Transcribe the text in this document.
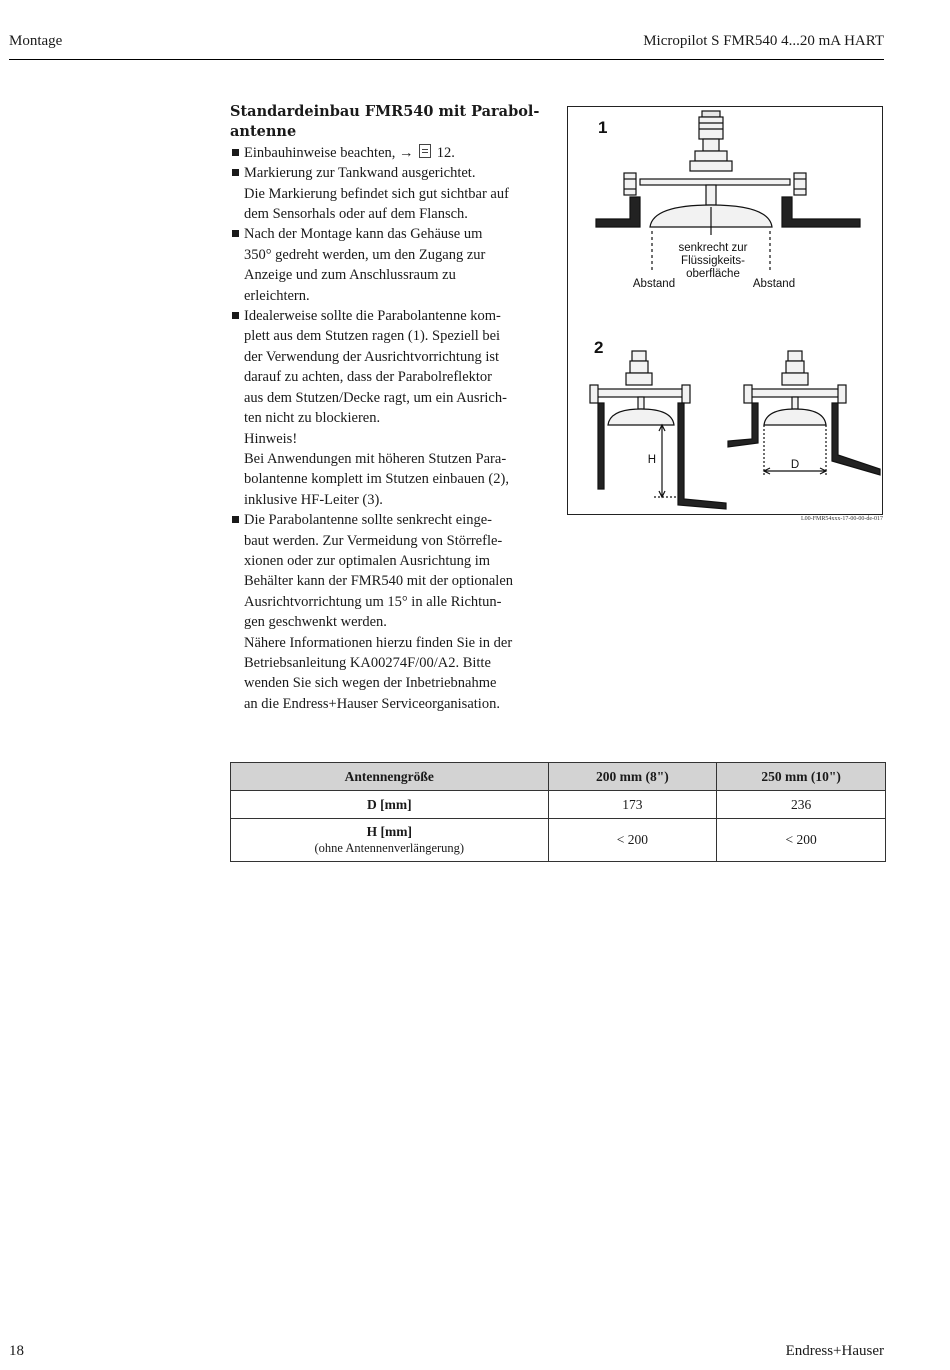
Montage	Micropilot S FMR540 4...20 mA HART
Standardeinbau FMR540 mit Parabol-
antenne
Einbauhinweise beachten, → 12.
Markierung zur Tankwand ausgerichtet.
Die Markierung befindet sich gut sichtbar auf
dem Sensorhals oder auf dem Flansch.
Nach der Montage kann das Gehäuse um
350° gedreht werden, um den Zugang zur
Anzeige und zum Anschlussraum zu
erleichtern.
Idealerweise sollte die Parabolantenne kom-
plett aus dem Stutzen ragen (1). Speziell bei
der Verwendung der Ausrichtvorrichtung ist
darauf zu achten, dass der Parabolreflektor
aus dem Stutzen/Decke ragt, um ein Ausrich-
ten nicht zu blockieren.
Hinweis!
Bei Anwendungen mit höheren Stutzen Para-
bolantenne komplett im Stutzen einbauen (2),
inklusive HF-Leiter (3).
Die Parabolantenne sollte senkrecht einge-
baut werden. Zur Vermeidung von Störrefle-
xionen oder zur optimalen Ausrichtung im
Behälter kann der FMR540 mit der optionalen
Ausrichtvorrichtung um 15° in alle Richtun-
gen geschwenkt werden.
Nähere Informationen hierzu finden Sie in der
Betriebsanleitung KA00274F/00/A2. Bitte
wenden Sie sich wegen der Inbetriebnahme
an die Endress+Hauser Serviceorganisation.
1
2
senkrecht zur
Flüssigkeits-
oberfläche
Abstand	Abstand
H	D
L00-FMR54xxx-17-00-00-de-017
Antennengröße	200 mm (8")	250 mm (10")
D [mm]	173	236
H [mm]
(ohne Antennenverlängerung)	< 200	< 200
18	Endress+Hauser
